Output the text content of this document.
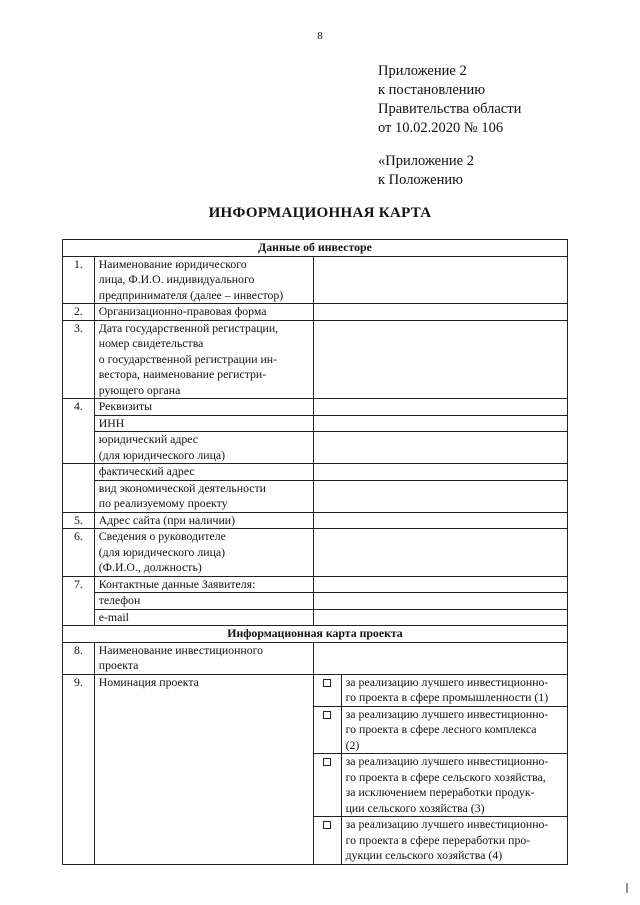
8
Приложение 2
к постановлению
Правительства области
от 10.02.2020 № 106
«Приложение 2
к Положению
ИНФОРМАЦИОННАЯ КАРТА
Данные об инвесторе			
1.	Наименование юридического
лица, Ф.И.О. индивидуального
предпринимателя (далее – инвестор)		

2.	Организационно-правовая форма		
3.	Дата государственной регистрации,
номер свидетельства
о государственной регистрации ин-
вестора, наименование регистри-
рующего органа		

4.	Реквизиты		
	ИНН		

	юридический адрес
(для юридического лица)		

	фактический адрес		

	вид экономической деятельности
по реализуемому проекту		

5.	Адрес сайта (при наличии)		
6.	Сведения о руководителе
(для юридического лица)
(Ф.И.О., должность)		

7.	Контактные данные Заявителя:		
	телефон		
	e-mail		
Информационная карта проекта			
8.	Наименование инвестиционного
проекта		

9.	Номинация проекта		за реализацию лучшего инвестиционно-
го проекта в сфере промышленности (1)

			за реализацию лучшего инвестиционно-
го проекта в сфере лесного комплекса
(2)

			за реализацию лучшего инвестиционно-
го проекта в сфере сельского хозяйства,
за исключением переработки продук-
ции сельского хозяйства (3)

			за реализацию лучшего инвестиционно-
го проекта в сфере переработки про-
дукции сельского хозяйства (4)
